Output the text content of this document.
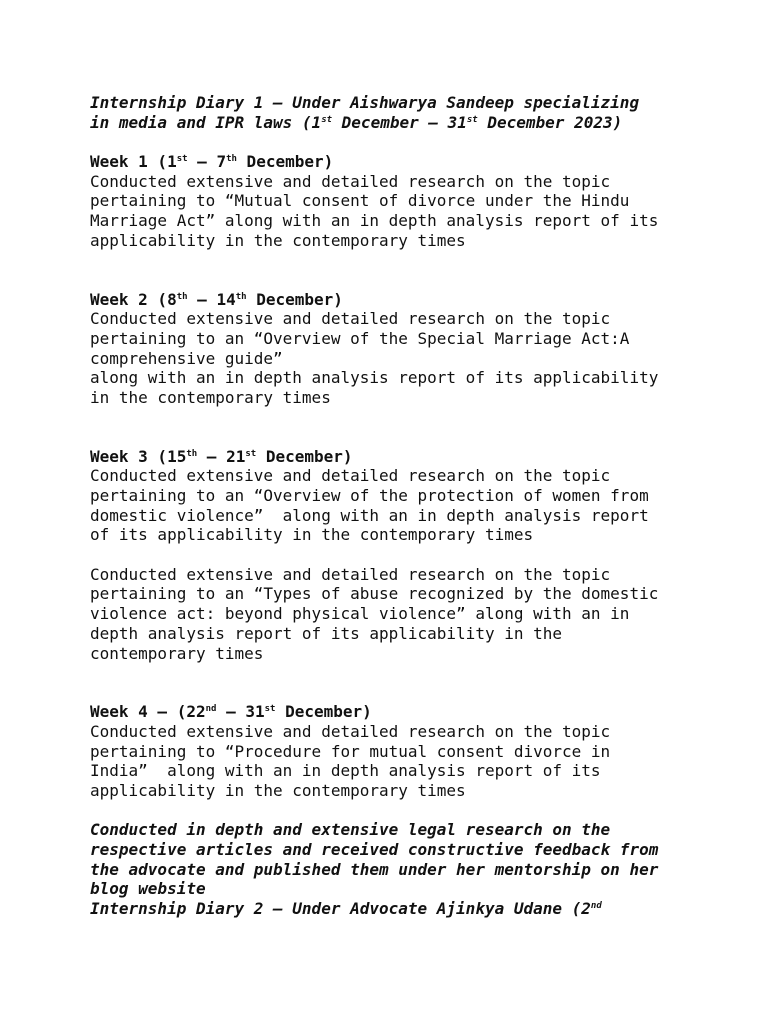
Internship Diary 1 – Under Aishwarya Sandeep specializing
in media and IPR laws (1st December – 31st December 2023)
Week 1 (1st – 7th December)
Conducted extensive and detailed research on the topic
pertaining to “Mutual consent of divorce under the Hindu
Marriage Act” along with an in depth analysis report of its
applicability in the contemporary times
Week 2 (8th – 14th December)
Conducted extensive and detailed research on the topic
pertaining to an “Overview of the Special Marriage Act:A
comprehensive guide”
along with an in depth analysis report of its applicability
in the contemporary times
Week 3 (15th – 21st December)
Conducted extensive and detailed research on the topic
pertaining to an “Overview of the protection of women from
domestic violence”  along with an in depth analysis report
of its applicability in the contemporary times
Conducted extensive and detailed research on the topic
pertaining to an “Types of abuse recognized by the domestic
violence act: beyond physical violence” along with an in
depth analysis report of its applicability in the
contemporary times
Week 4 – (22nd – 31st December)
Conducted extensive and detailed research on the topic
pertaining to “Procedure for mutual consent divorce in
India”  along with an in depth analysis report of its
applicability in the contemporary times
Conducted in depth and extensive legal research on the
respective articles and received constructive feedback from
the advocate and published them under her mentorship on her
blog website
Internship Diary 2 – Under Advocate Ajinkya Udane (2nd
